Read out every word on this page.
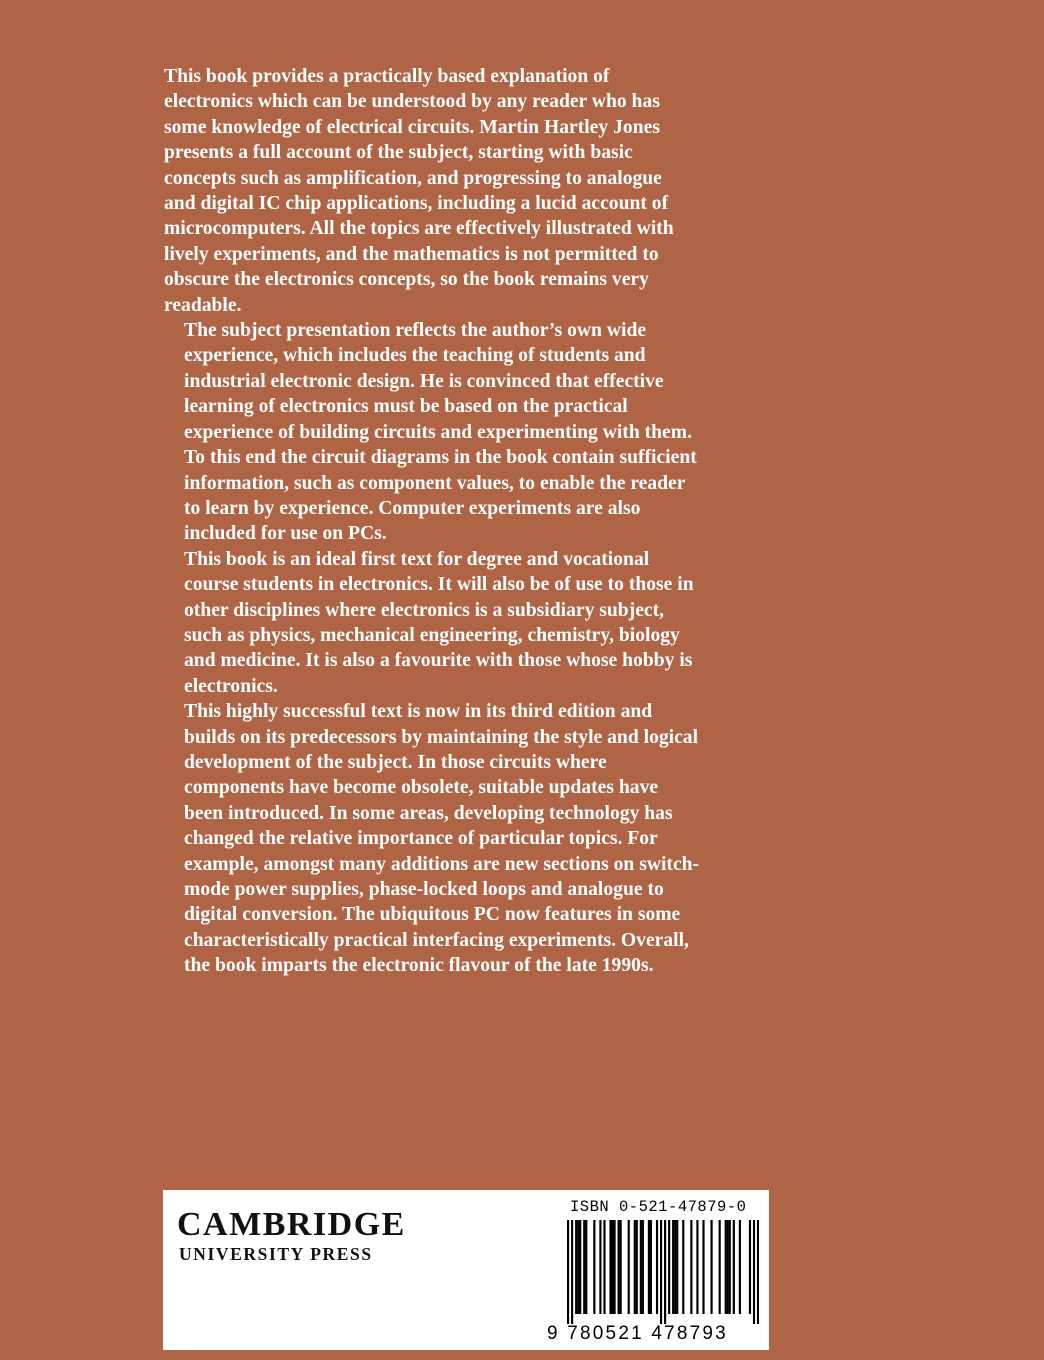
This book provides a practically based explanation of
electronics which can be understood by any reader who has
some knowledge of electrical circuits. Martin Hartley Jones
presents a full account of the subject, starting with basic
concepts such as amplification, and progressing to analogue
and digital IC chip applications, including a lucid account of
microcomputers. All the topics are effectively illustrated with
lively experiments, and the mathematics is not permitted to
obscure the electronics concepts, so the book remains very
readable.

The subject presentation reflects the author’s own wide
experience, which includes the teaching of students and
industrial electronic design. He is convinced that effective
learning of electronics must be based on the practical
experience of building circuits and experimenting with them.
To this end the circuit diagrams in the book contain sufficient
information, such as component values, to enable the reader
to learn by experience. Computer experiments are also
included for use on PCs.

This book is an ideal first text for degree and vocational
course students in electronics. It will also be of use to those in
other disciplines where electronics is a subsidiary subject,
such as physics, mechanical engineering, chemistry, biology
and medicine. It is also a favourite with those whose hobby is
electronics.

This highly successful text is now in its third edition and
builds on its predecessors by maintaining the style and logical
development of the subject. In those circuits where
components have become obsolete, suitable updates have
been introduced. In some areas, developing technology has
changed the relative importance of particular topics. For
example, amongst many additions are new sections on switch-
mode power supplies, phase-locked loops and analogue to
digital conversion. The ubiquitous PC now features in some
characteristically practical interfacing experiments. Overall,
the book imparts the electronic flavour of the late 1990s.

CAMBRIDGE
UNIVERSITY PRESS
ISBN 0-521-47879-0
9 780521 478793
